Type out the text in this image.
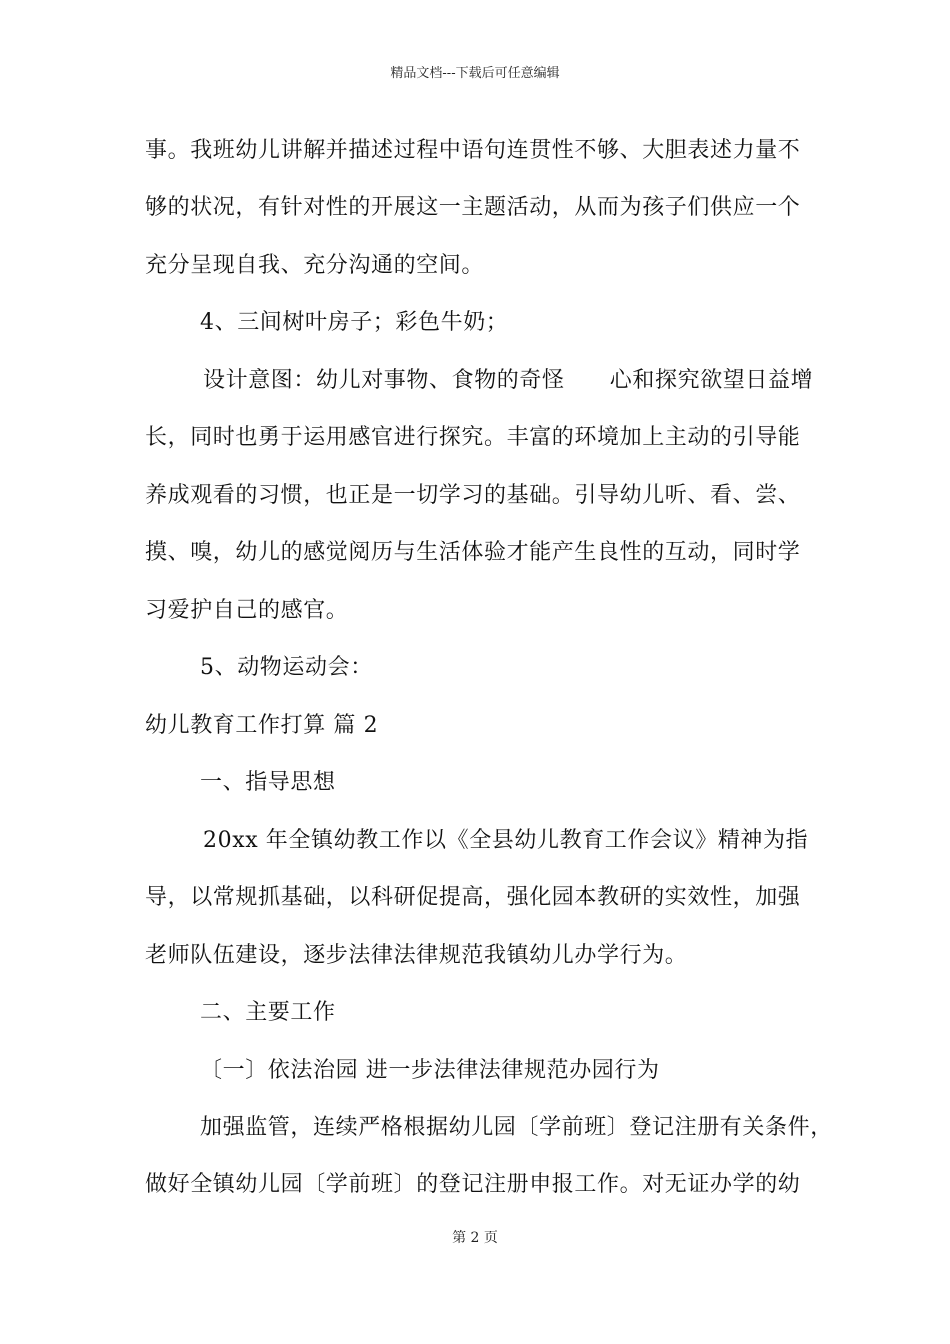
精品文档---下载后可任意编辑
事。我班幼儿讲解并描述过程中语句连贯性不够、大胆表述力量不
够的状况，有针对性的开展这一主题活动，从而为孩子们供应一个
充分呈现自我、充分沟通的空间。
4、三间树叶房子；彩色牛奶；
设计意图：幼儿对事物、食物的奇怪　　心和探究欲望日益增
长，同时也勇于运用感官进行探究。丰富的环境加上主动的引导能
养成观看的习惯，也正是一切学习的基础。引导幼儿听、看、尝、
摸、嗅，幼儿的感觉阅历与生活体验才能产生良性的互动，同时学
习爱护自己的感官。
5、动物运动会：
幼儿教育工作打算 篇 2
一、指导思想
20xx 年全镇幼教工作以《全县幼儿教育工作会议》精神为指
导，以常规抓基础，以科研促提高，强化园本教研的实效性，加强
老师队伍建设，逐步法律法律规范我镇幼儿办学行为。
二、主要工作
〔一〕依法治园 进一步法律法律规范办园行为
加强监管，连续严格根据幼儿园〔学前班〕登记注册有关条件，
做好全镇幼儿园〔学前班〕的登记注册申报工作。对无证办学的幼
第 2 页
